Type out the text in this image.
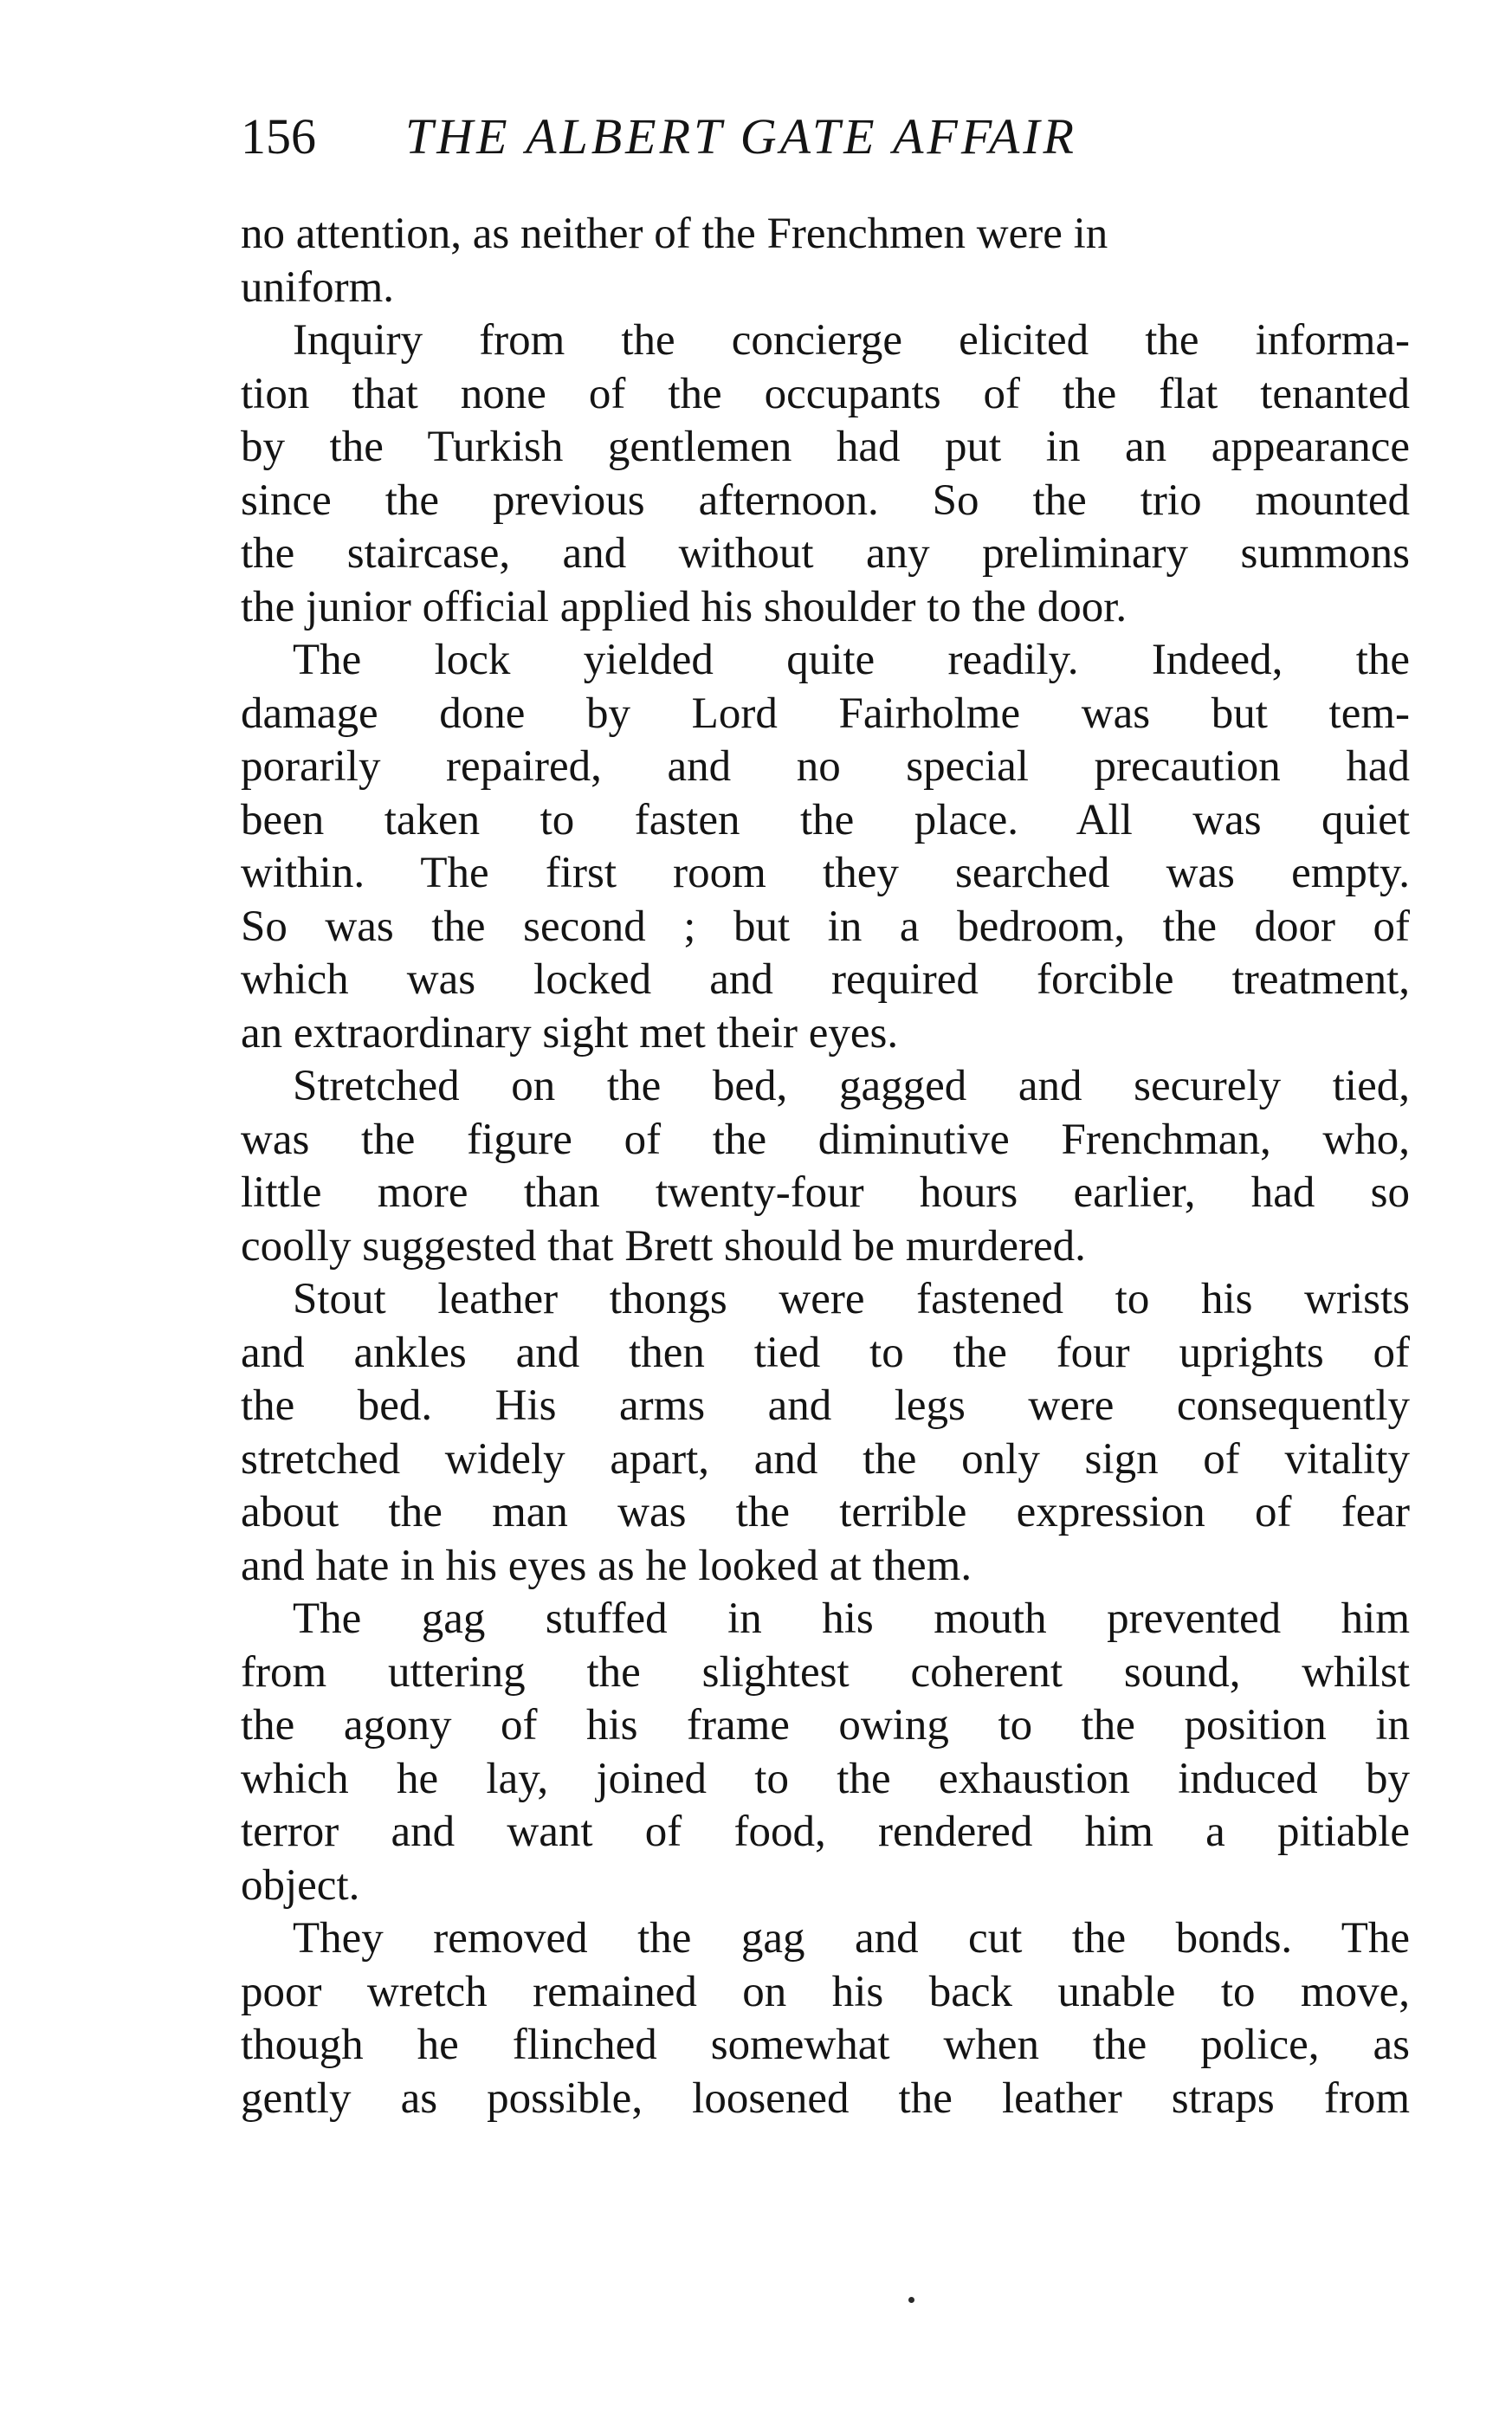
156 THE ALBERT GATE AFFAIR
no attention, as neither of the Frenchmen were in
uniform.
Inquiry from the concierge elicited the informa-
tion that none of the occupants of the flat tenanted
by the Turkish gentlemen had put in an appearance
since the previous afternoon. So the trio mounted
the staircase, and without any preliminary summons
the junior official applied his shoulder to the door.
The lock yielded quite readily. Indeed, the
damage done by Lord Fairholme was but tem-
porarily repaired, and no special precaution had
been taken to fasten the place. All was quiet
within. The first room they searched was empty.
So was the second ; but in a bedroom, the door of
which was locked and required forcible treatment,
an extraordinary sight met their eyes.
Stretched on the bed, gagged and securely tied,
was the figure of the diminutive Frenchman, who,
little more than twenty-four hours earlier, had so
coolly suggested that Brett should be murdered.
Stout leather thongs were fastened to his wrists
and ankles and then tied to the four uprights of
the bed. His arms and legs were consequently
stretched widely apart, and the only sign of vitality
about the man was the terrible expression of fear
and hate in his eyes as he looked at them.
The gag stuffed in his mouth prevented him
from uttering the slightest coherent sound, whilst
the agony of his frame owing to the position in
which he lay, joined to the exhaustion induced by
terror and want of food, rendered him a pitiable
object.
They removed the gag and cut the bonds. The
poor wretch remained on his back unable to move,
though he flinched somewhat when the police, as
gently as possible, loosened the leather straps from
